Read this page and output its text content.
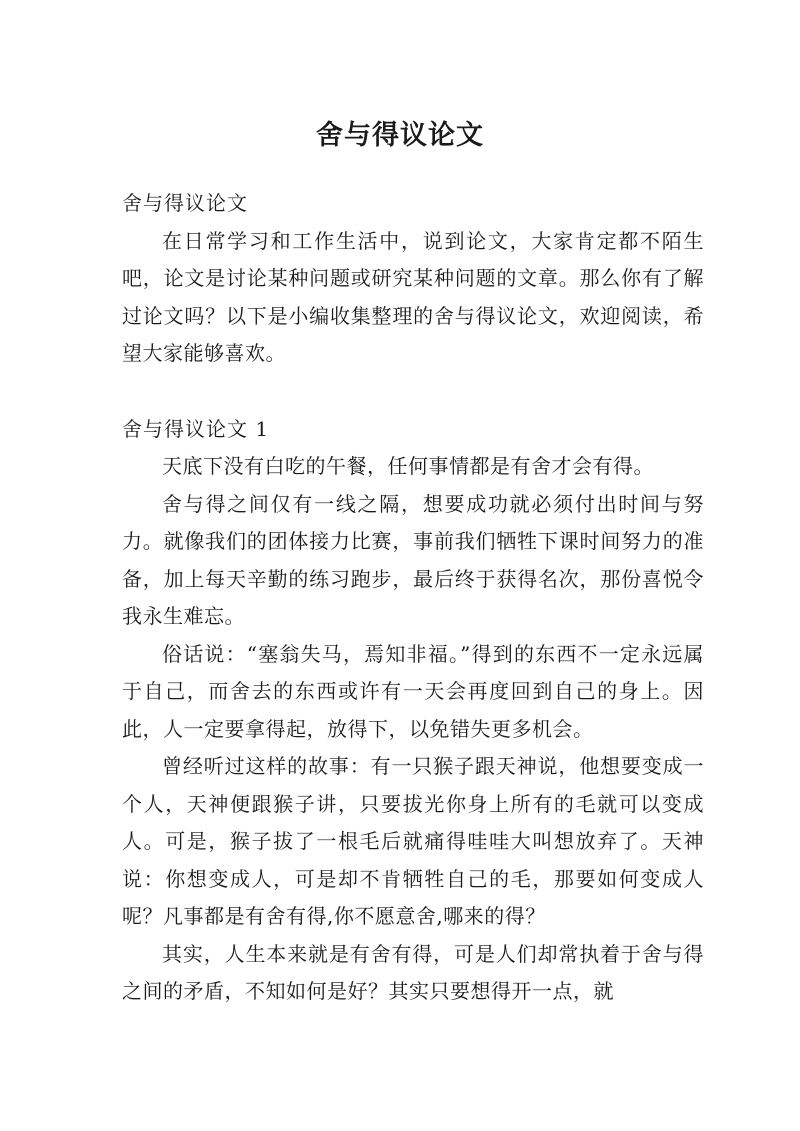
舍与得议论文

舍与得议论文

在日常学习和工作生活中，说到论文，大家肯定都不陌生吧，论文是讨论某种问题或研究某种问题的文章。那么你有了解过论文吗？以下是小编收集整理的舍与得议论文，欢迎阅读，希望大家能够喜欢。

舍与得议论文 1

天底下没有白吃的午餐，任何事情都是有舍才会有得。

舍与得之间仅有一线之隔，想要成功就必须付出时间与努力。就像我们的团体接力比赛，事前我们牺牲下课时间努力的准备，加上每天辛勤的练习跑步，最后终于获得名次，那份喜悦令我永生难忘。

俗话说：“塞翁失马，焉知非福。”得到的东西不一定永远属于自己，而舍去的东西或许有一天会再度回到自己的身上。因此，人一定要拿得起，放得下，以免错失更多机会。

曾经听过这样的故事：有一只猴子跟天神说，他想要变成一个人，天神便跟猴子讲，只要拔光你身上所有的毛就可以变成人。可是，猴子拔了一根毛后就痛得哇哇大叫想放弃了。天神说：你想变成人，可是却不肯牺牲自己的毛，那要如何变成人呢？凡事都是有舍有得,你不愿意舍,哪来的得？

其实，人生本来就是有舍有得，可是人们却常执着于舍与得之间的矛盾，不知如何是好？其实只要想得开一点，就
